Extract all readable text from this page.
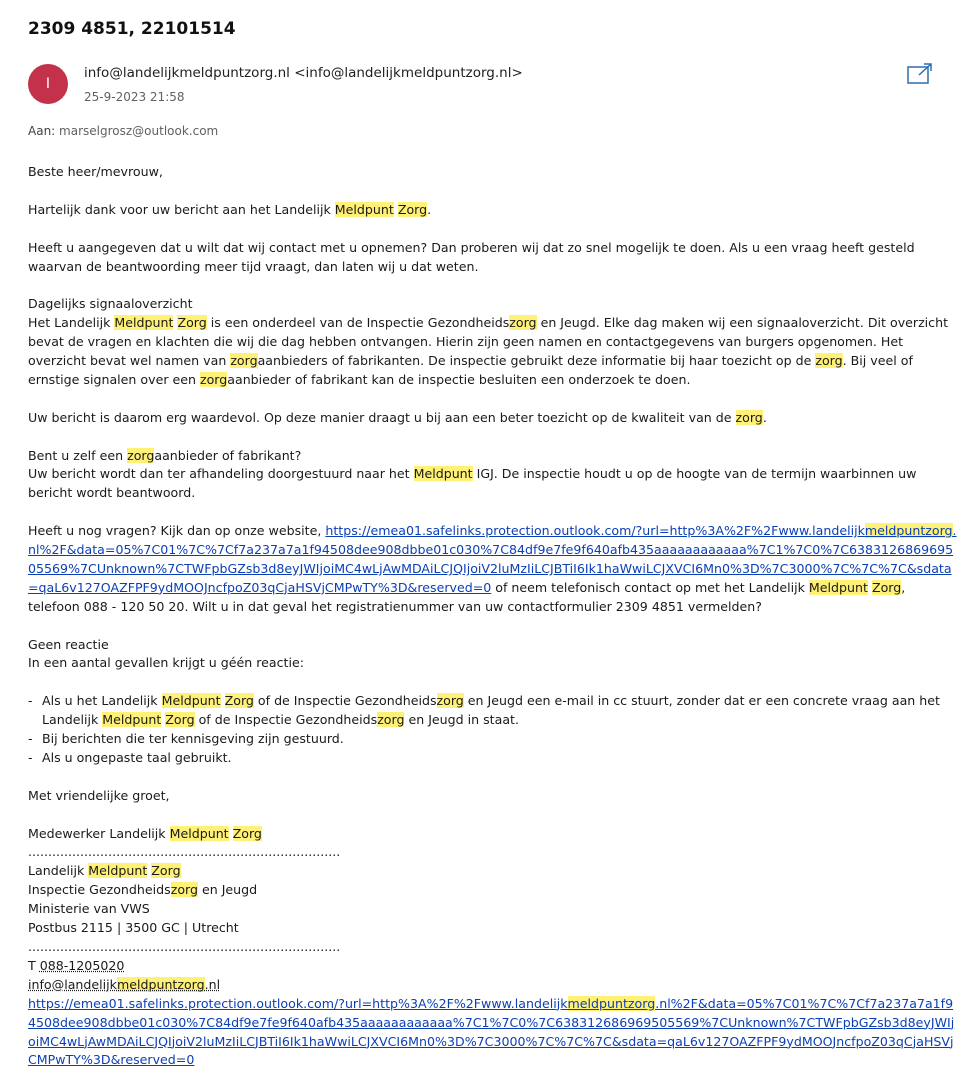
2309 4851, 22101514
I
info@landelijkmeldpuntzorg.nl <info@landelijkmeldpuntzorg.nl>
25-9-2023 21:58
Aan: marselgrosz@outlook.com

Beste heer/mevrouw,

Hartelijk dank voor uw bericht aan het Landelijk Meldpunt Zorg.

Heeft u aangegeven dat u wilt dat wij contact met u opnemen? Dan proberen wij dat zo snel mogelijk te doen. Als u een vraag heeft gesteld waarvan de beantwoording meer tijd vraagt, dan laten wij u dat weten.

Dagelijks signaaloverzicht

Het Landelijk Meldpunt Zorg is een onderdeel van de Inspectie Gezondheidszorg en Jeugd. Elke dag maken wij een signaaloverzicht. Dit overzicht bevat de vragen en klachten die wij die dag hebben ontvangen. Hierin zijn geen namen en contactgegevens van burgers opgenomen. Het overzicht bevat wel namen van zorgaanbieders of fabrikanten. De inspectie gebruikt deze informatie bij haar toezicht op de zorg. Bij veel of ernstige signalen over een zorgaanbieder of fabrikant kan de inspectie besluiten een onderzoek te doen.

Uw bericht is daarom erg waardevol. Op deze manier draagt u bij aan een beter toezicht op de kwaliteit van de zorg.

Bent u zelf een zorgaanbieder of fabrikant?

Uw bericht wordt dan ter afhandeling doorgestuurd naar het Meldpunt IGJ. De inspectie houdt u op de hoogte van de termijn waarbinnen uw bericht wordt beantwoord.

Heeft u nog vragen? Kijk dan op onze website, https://emea01.safelinks.protection.outlook.com/?url=http%3A%2F%2Fwww.landelijkmeldpuntzorg.nl%2F&data=05%7C01%7C%7Cf7a237a7a1f94508dee908dbbe01c030%7C84df9e7fe9f640afb435aaaaaaaaaaaa%7C1%7C0%7C638312686969505569%7CUnknown%7CTWFpbGZsb3d8eyJWIjoiMC4wLjAwMDAiLCJQIjoiV2luMzIiLCJBTiI6Ik1haWwiLCJXVCI6Mn0%3D%7C3000%7C%7C%7C&sdata=qaL6v127OAZFPF9ydMOOJncfpoZ03qCjaHSVjCMPwTY%3D&reserved=0 of neem telefonisch contact op met het Landelijk Meldpunt Zorg, telefoon 088 - 120 50 20. Wilt u in dat geval het registratienummer van uw contactformulier 2309 4851 vermelden?

Geen reactie

In een aantal gevallen krijgt u géén reactie:

- Als u het Landelijk Meldpunt Zorg of de Inspectie Gezondheidszorg en Jeugd een e-mail in cc stuurt, zonder dat er een concrete vraag aan het Landelijk Meldpunt Zorg of de Inspectie Gezondheidszorg en Jeugd in staat.
- Bij berichten die ter kennisgeving zijn gestuurd.
- Als u ongepaste taal gebruikt.

Met vriendelijke groet,

Medewerker Landelijk Meldpunt Zorg

..............................................................................

Landelijk Meldpunt Zorg

Inspectie Gezondheidszorg en Jeugd

Ministerie van VWS

Postbus 2115 | 3500 GC | Utrecht

..............................................................................

T 088-1205020

info@landelijkmeldpuntzorg.nl

https://emea01.safelinks.protection.outlook.com/?url=http%3A%2F%2Fwww.landelijkmeldpuntzorg.nl%2F&data=05%7C01%7C%7Cf7a237a7a1f94508dee908dbbe01c030%7C84df9e7fe9f640afb435aaaaaaaaaaaa%7C1%7C0%7C638312686969505569%7CUnknown%7CTWFpbGZsb3d8eyJWIjoiMC4wLjAwMDAiLCJQIjoiV2luMzIiLCJBTiI6Ik1haWwiLCJXVCI6Mn0%3D%7C3000%7C%7C%7C&sdata=qaL6v127OAZFPF9ydMOOJncfpoZ03qCjaHSVjCMPwTY%3D&reserved=0
